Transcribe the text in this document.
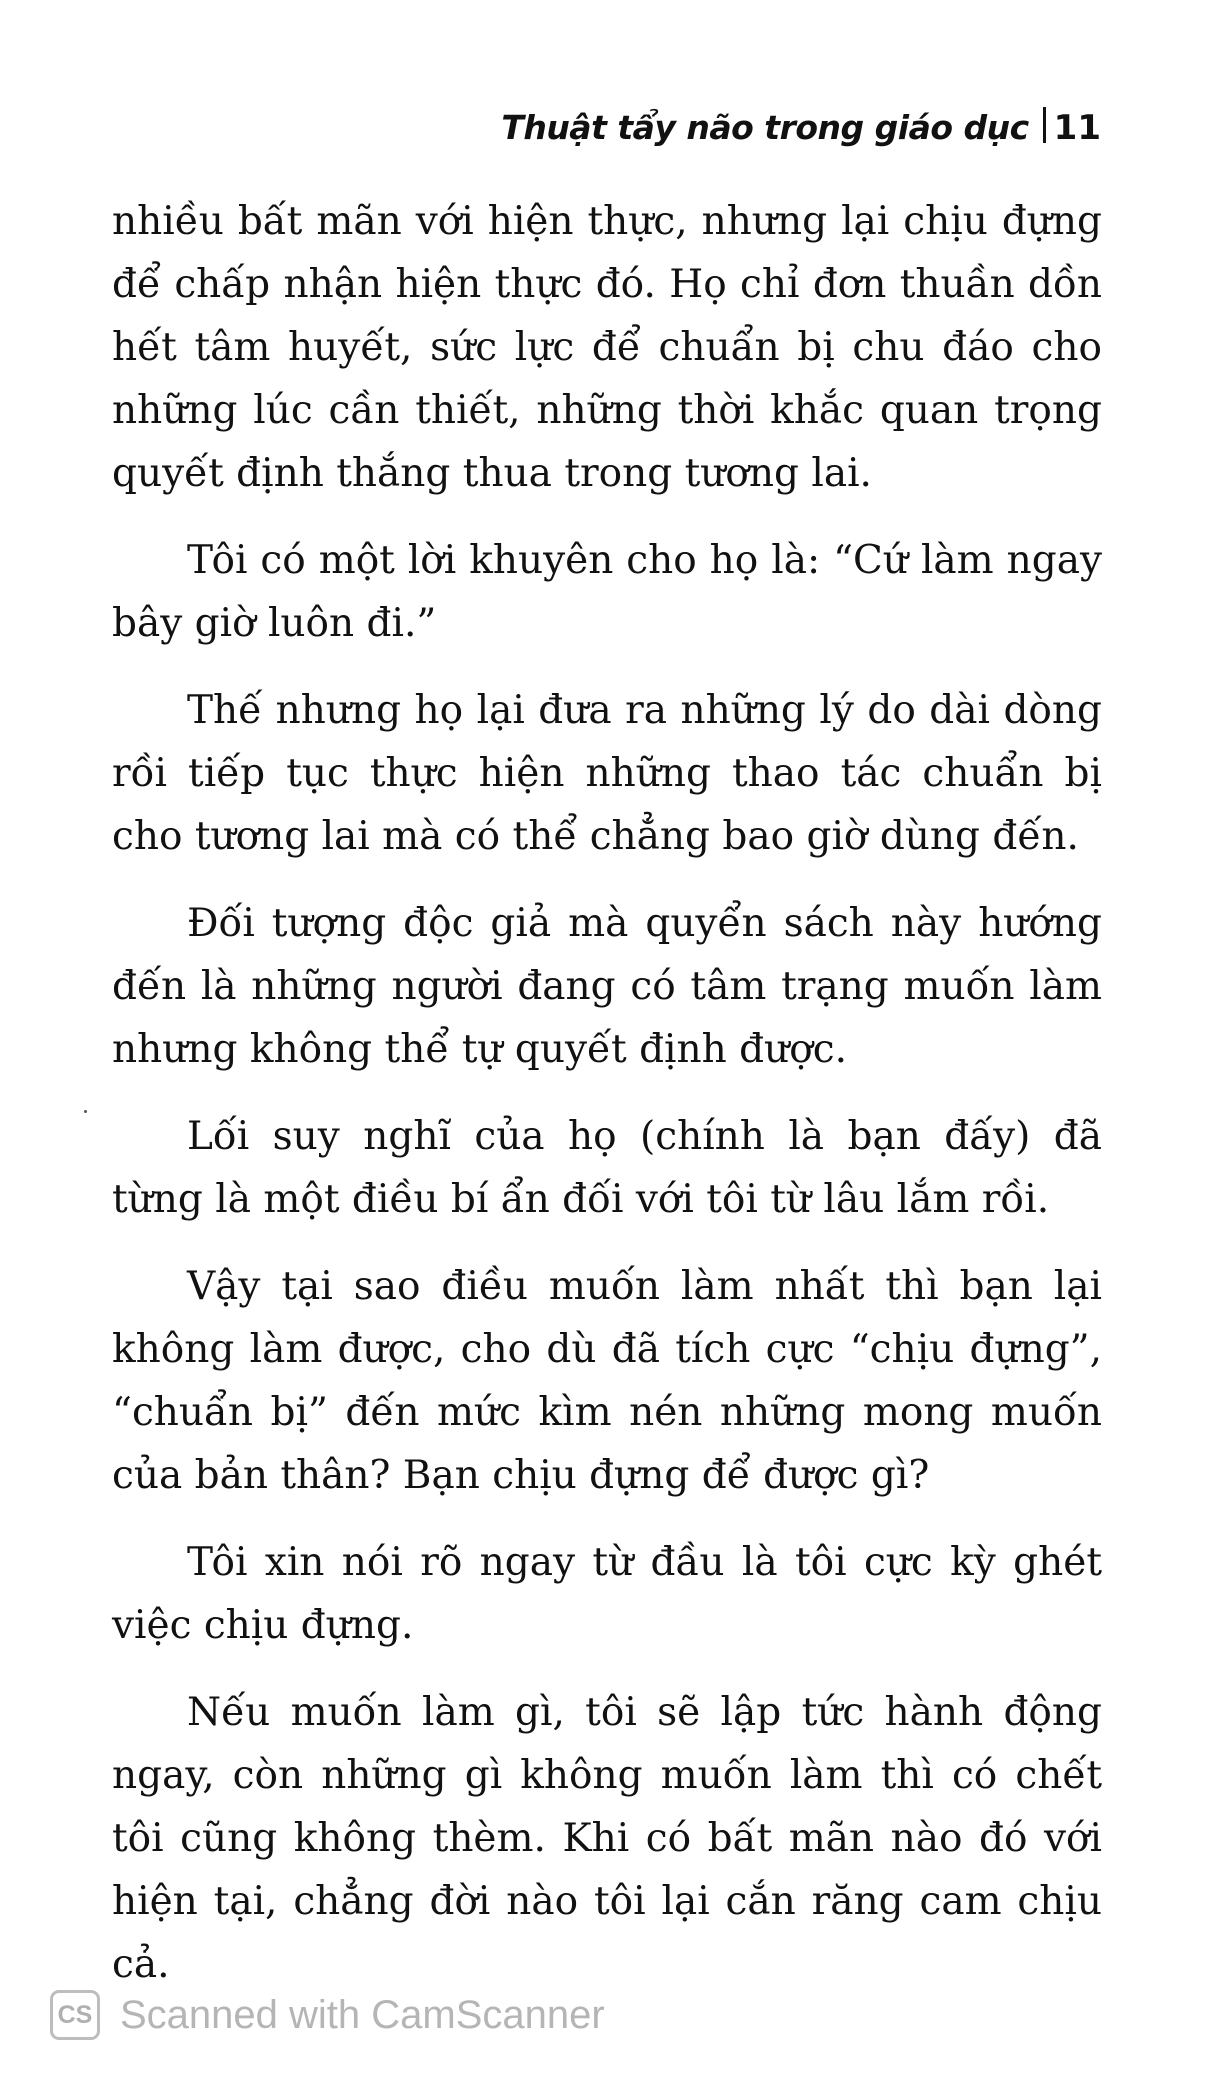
Thuật tẩy não trong giáo dục 11

nhiều bất mãn với hiện thực, nhưng lại chịu đựng để chấp nhận hiện thực đó. Họ chỉ đơn thuần dồn hết tâm huyết, sức lực để chuẩn bị chu đáo cho những lúc cần thiết, những thời khắc quan trọng quyết định thắng thua trong tương lai.

Tôi có một lời khuyên cho họ là: “Cứ làm ngay bây giờ luôn đi.”

Thế nhưng họ lại đưa ra những lý do dài dòng rồi tiếp tục thực hiện những thao tác chuẩn bị cho tương lai mà có thể chẳng bao giờ dùng đến.

Đối tượng độc giả mà quyển sách này hướng đến là những người đang có tâm trạng muốn làm nhưng không thể tự quyết định được.

Lối suy nghĩ của họ (chính là bạn đấy) đã từng là một điều bí ẩn đối với tôi từ lâu lắm rồi.

Vậy tại sao điều muốn làm nhất thì bạn lại không làm được, cho dù đã tích cực “chịu đựng”, “chuẩn bị” đến mức kìm nén những mong muốn của bản thân? Bạn chịu đựng để được gì?

Tôi xin nói rõ ngay từ đầu là tôi cực kỳ ghét việc chịu đựng.

Nếu muốn làm gì, tôi sẽ lập tức hành động ngay, còn những gì không muốn làm thì có chết tôi cũng không thèm. Khi có bất mãn nào đó với hiện tại, chẳng đời nào tôi lại cắn răng cam chịu cả.

CS Scanned with CamScanner
